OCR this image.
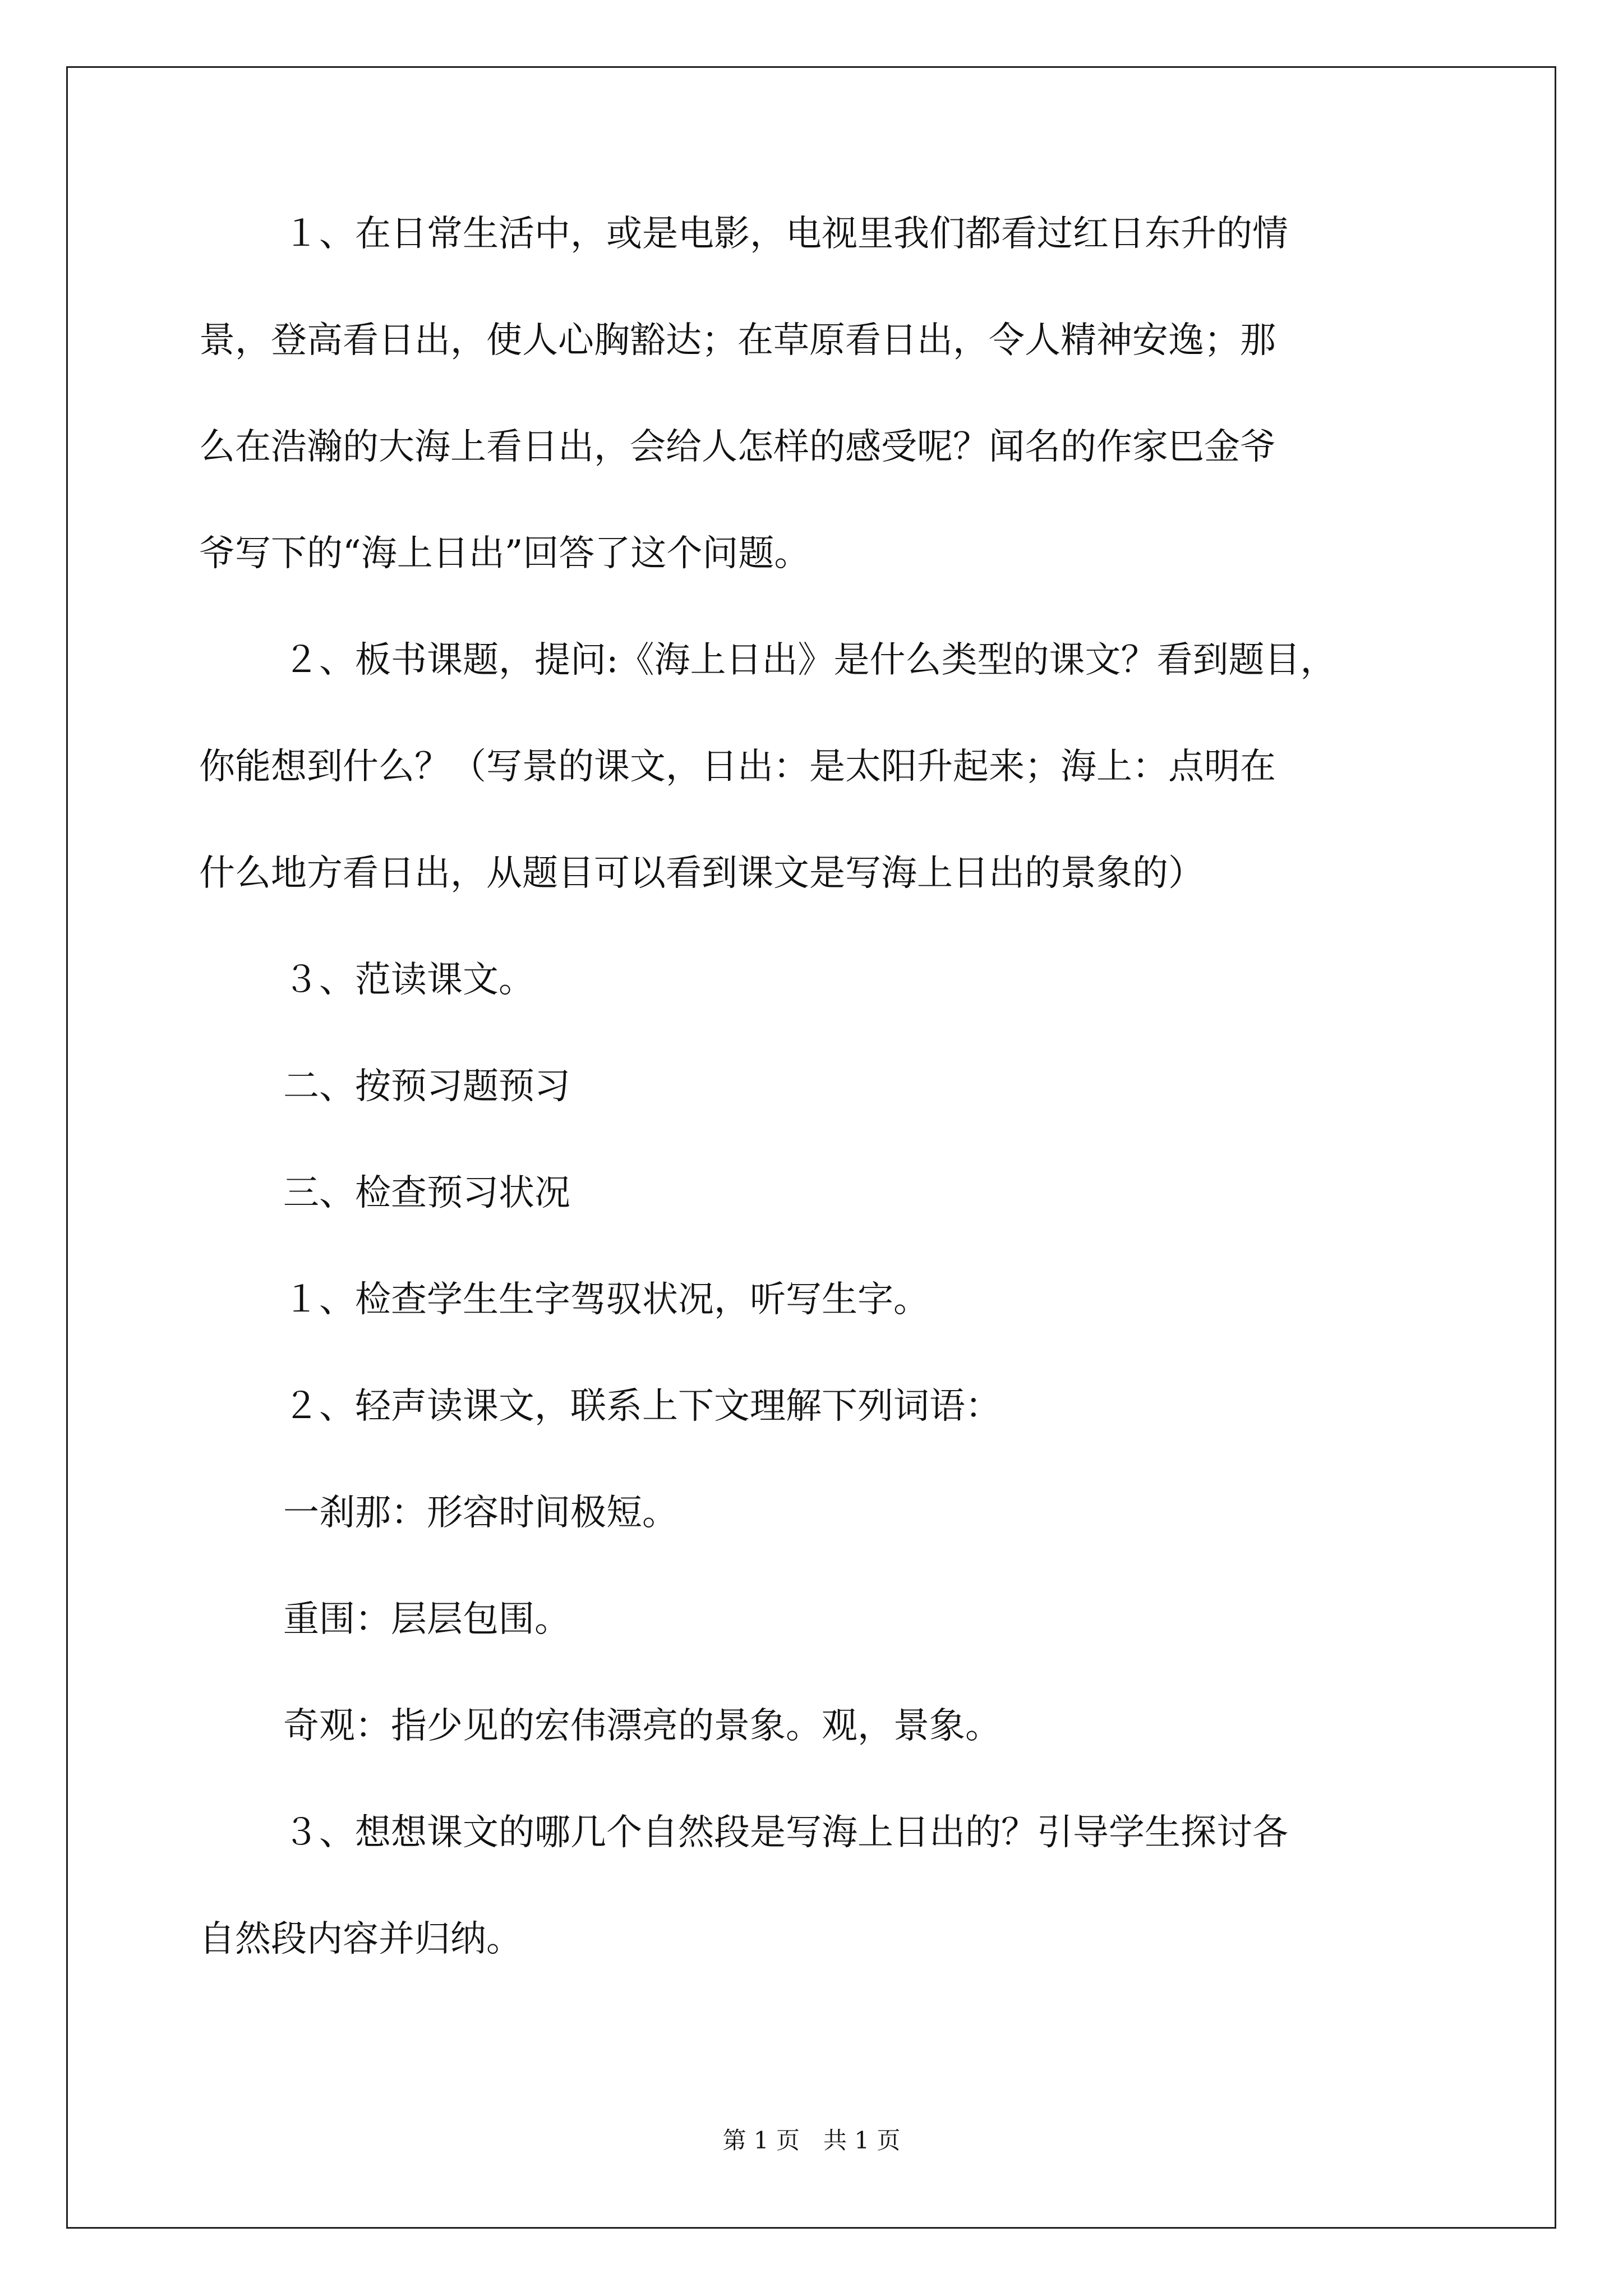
１、在日常生活中，或是电影，电视里我们都看过红日东升的情
景，登高看日出，使人心胸豁达；在草原看日出，令人精神安逸；那
么在浩瀚的大海上看日出，会给人怎样的感受呢？闻名的作家巴金爷
爷写下的“海上日出”回答了这个问题。
２、板书课题，提问:《海上日出》是什么类型的课文？看到题目，
你能想到什么？（写景的课文，日出：是太阳升起来；海上：点明在
什么地方看日出，从题目可以看到课文是写海上日出的景象的）
３、范读课文。
二、按预习题预习
三、检查预习状况
１、检查学生生字驾驭状况，听写生字。
２、轻声读课文，联系上下文理解下列词语：
一刹那：形容时间极短。
重围：层层包围。
奇观：指少见的宏伟漂亮的景象。观，景象。
３、想想课文的哪几个自然段是写海上日出的？引导学生探讨各
自然段内容并归纳。
第 1 页　共 1 页
